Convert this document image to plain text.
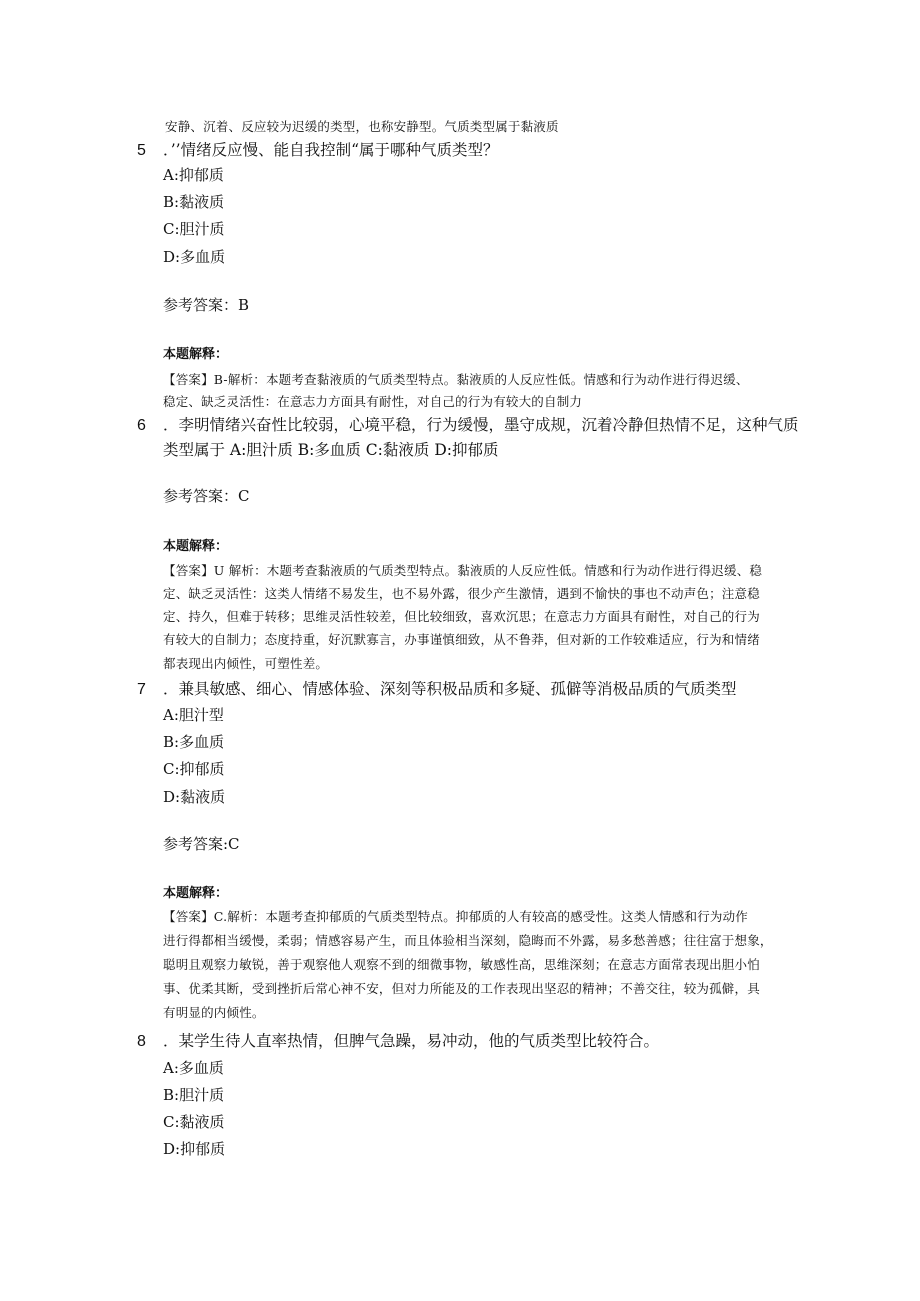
安静、沉着、反应较为迟缓的类型，也称安静型。气质类型属于黏液质
5 ．’’情绪反应慢、能自我控制“属于哪种气质类型？
A:抑郁质
B:黏液质
C:胆汁质
D:多血质
参考答案：B
本题解释：
【答案】B-解析：本题考查黏液质的气质类型特点。黏液质的人反应性低。情感和行为动作进行得迟缓、
稳定、缺乏灵活性：在意志力方面具有耐性，对自己的行为有较大的自制力
6 ．李明情绪兴奋性比较弱，心境平稳，行为缓慢，墨守成规，沉着冷静但热情不足，这种气质
类型属于 A:胆汁质 B:多血质 C:黏液质 D:抑郁质
参考答案：C
本题解释：
【答案】U 解析：木题考查黏液质的气质类型特点。黏液质的人反应性低。情感和行为动作进行得迟缓、稳
定、缺乏灵活性：这类人情绪不易发生，也不易外露，很少产生激情，遇到不愉快的事也不动声色；注意稳
定、持久，但难于转移；思维灵活性较差，但比较细致，喜欢沉思；在意志力方面具有耐性，对自己的行为
有较大的自制力；态度持重，好沉默寡言，办事谨慎细致，从不鲁莽，但对新的工作较难适应，行为和情绪
都表现出内倾性，可塑性差。
7 ．兼具敏感、细心、情感体验、深刻等积极品质和多疑、孤僻等消极品质的气质类型
A:胆汁型
B:多血质
C:抑郁质
D:黏液质
参考答案:C
本题解释：
【答案】C.解析：本题考查抑郁质的气质类型特点。抑郁质的人有较高的感受性。这类人情感和行为动作
进行得都相当缓慢，柔弱；情感容易产生，而且体验相当深刻，隐晦而不外露，易多愁善感；往往富于想象，
聪明且观察力敏锐，善于观察他人观察不到的细微事物，敏感性高，思维深刻；在意志方面常表现出胆小怕
事、优柔其断，受到挫折后常心神不安，但对力所能及的工作表现出坚忍的精神；不善交往，较为孤僻，具
有明显的内倾性。
8 ．某学生待人直率热情，但脾气急躁，易冲动，他的气质类型比较符合。
A:多血质
B:胆汁质
C:黏液质
D:抑郁质
